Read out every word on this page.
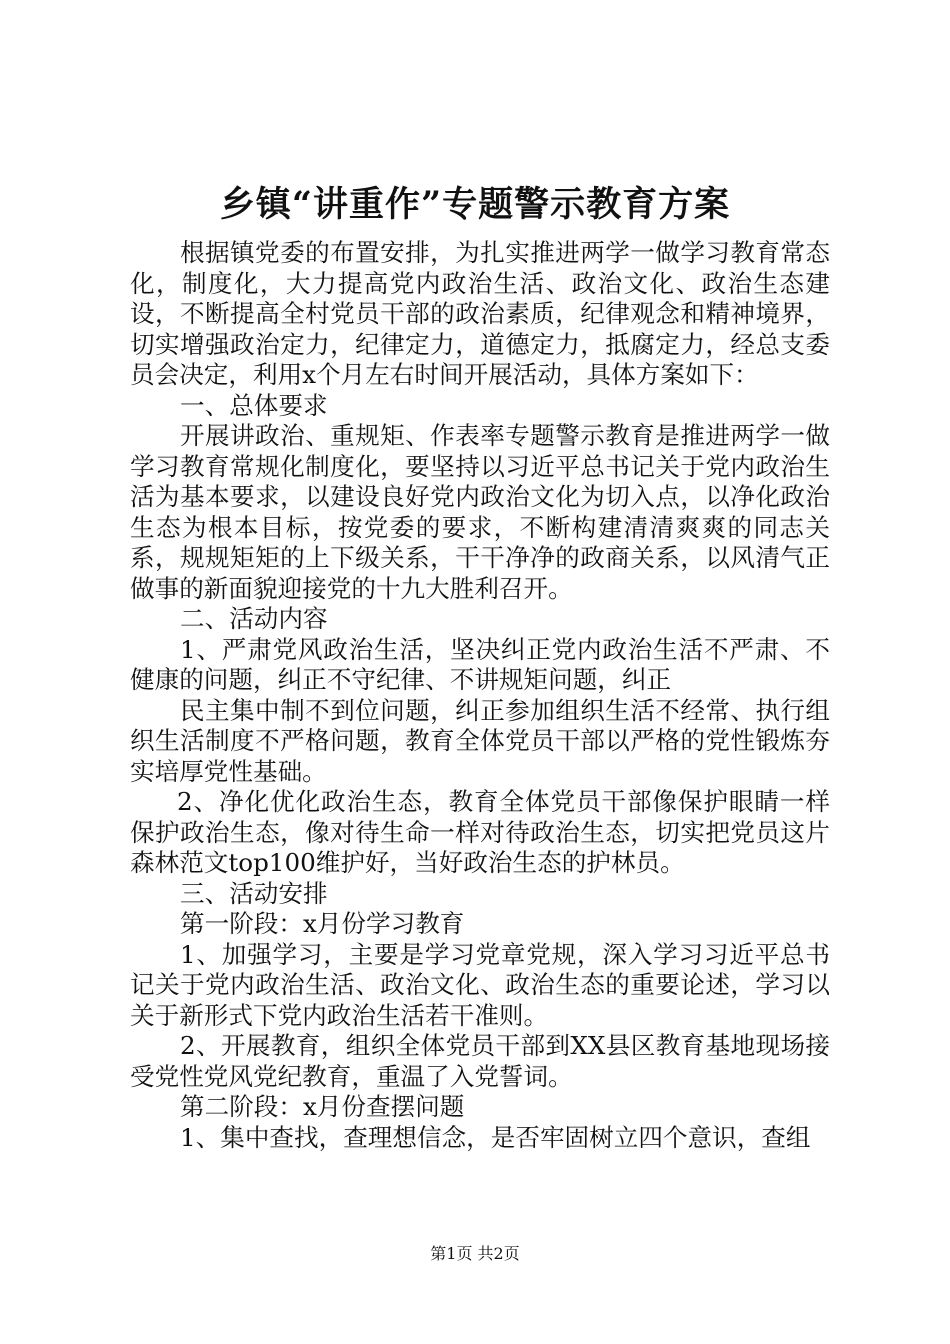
乡镇“讲重作”专题警示教育方案

根据镇党委的布置安排，为扎实推进两学一做学习教育常态化，制度化，大力提高党内政治生活、政治文化、政治生态建设，不断提高全村党员干部的政治素质，纪律观念和精神境界，切实增强政治定力，纪律定力，道德定力，抵腐定力，经总支委员会决定，利用x个月左右时间开展活动，具体方案如下：

一、总体要求

开展讲政治、重规矩、作表率专题警示教育是推进两学一做学习教育常规化制度化，要坚持以习近平总书记关于党内政治生活为基本要求，以建设良好党内政治文化为切入点，以净化政治生态为根本目标，按党委的要求，不断构建清清爽爽的同志关系，规规矩矩的上下级关系，干干净净的政商关系，以风清气正做事的新面貌迎接党的十九大胜利召开。

二、活动内容

1、严肃党风政治生活，坚决纠正党内政治生活不严肃、不健康的问题，纠正不守纪律、不讲规矩问题，纠正

民主集中制不到位问题，纠正参加组织生活不经常、执行组织生活制度不严格问题，教育全体党员干部以严格的党性锻炼夯实培厚党性基础。

2、净化优化政治生态，教育全体党员干部像保护眼睛一样保护政治生态，像对待生命一样对待政治生态，切实把党员这片森林范文top100维护好，当好政治生态的护林员。

三、活动安排

第一阶段：x月份学习教育

1、加强学习，主要是学习党章党规，深入学习习近平总书记关于党内政治生活、政治文化、政治生态的重要论述，学习以关于新形式下党内政治生活若干准则。

2、开展教育，组织全体党员干部到XX县区教育基地现场接受党性党风党纪教育，重温了入党誓词。

第二阶段：x月份查摆问题

1、集中查找，查理想信念，是否牢固树立四个意识，查组

第1页 共2页
